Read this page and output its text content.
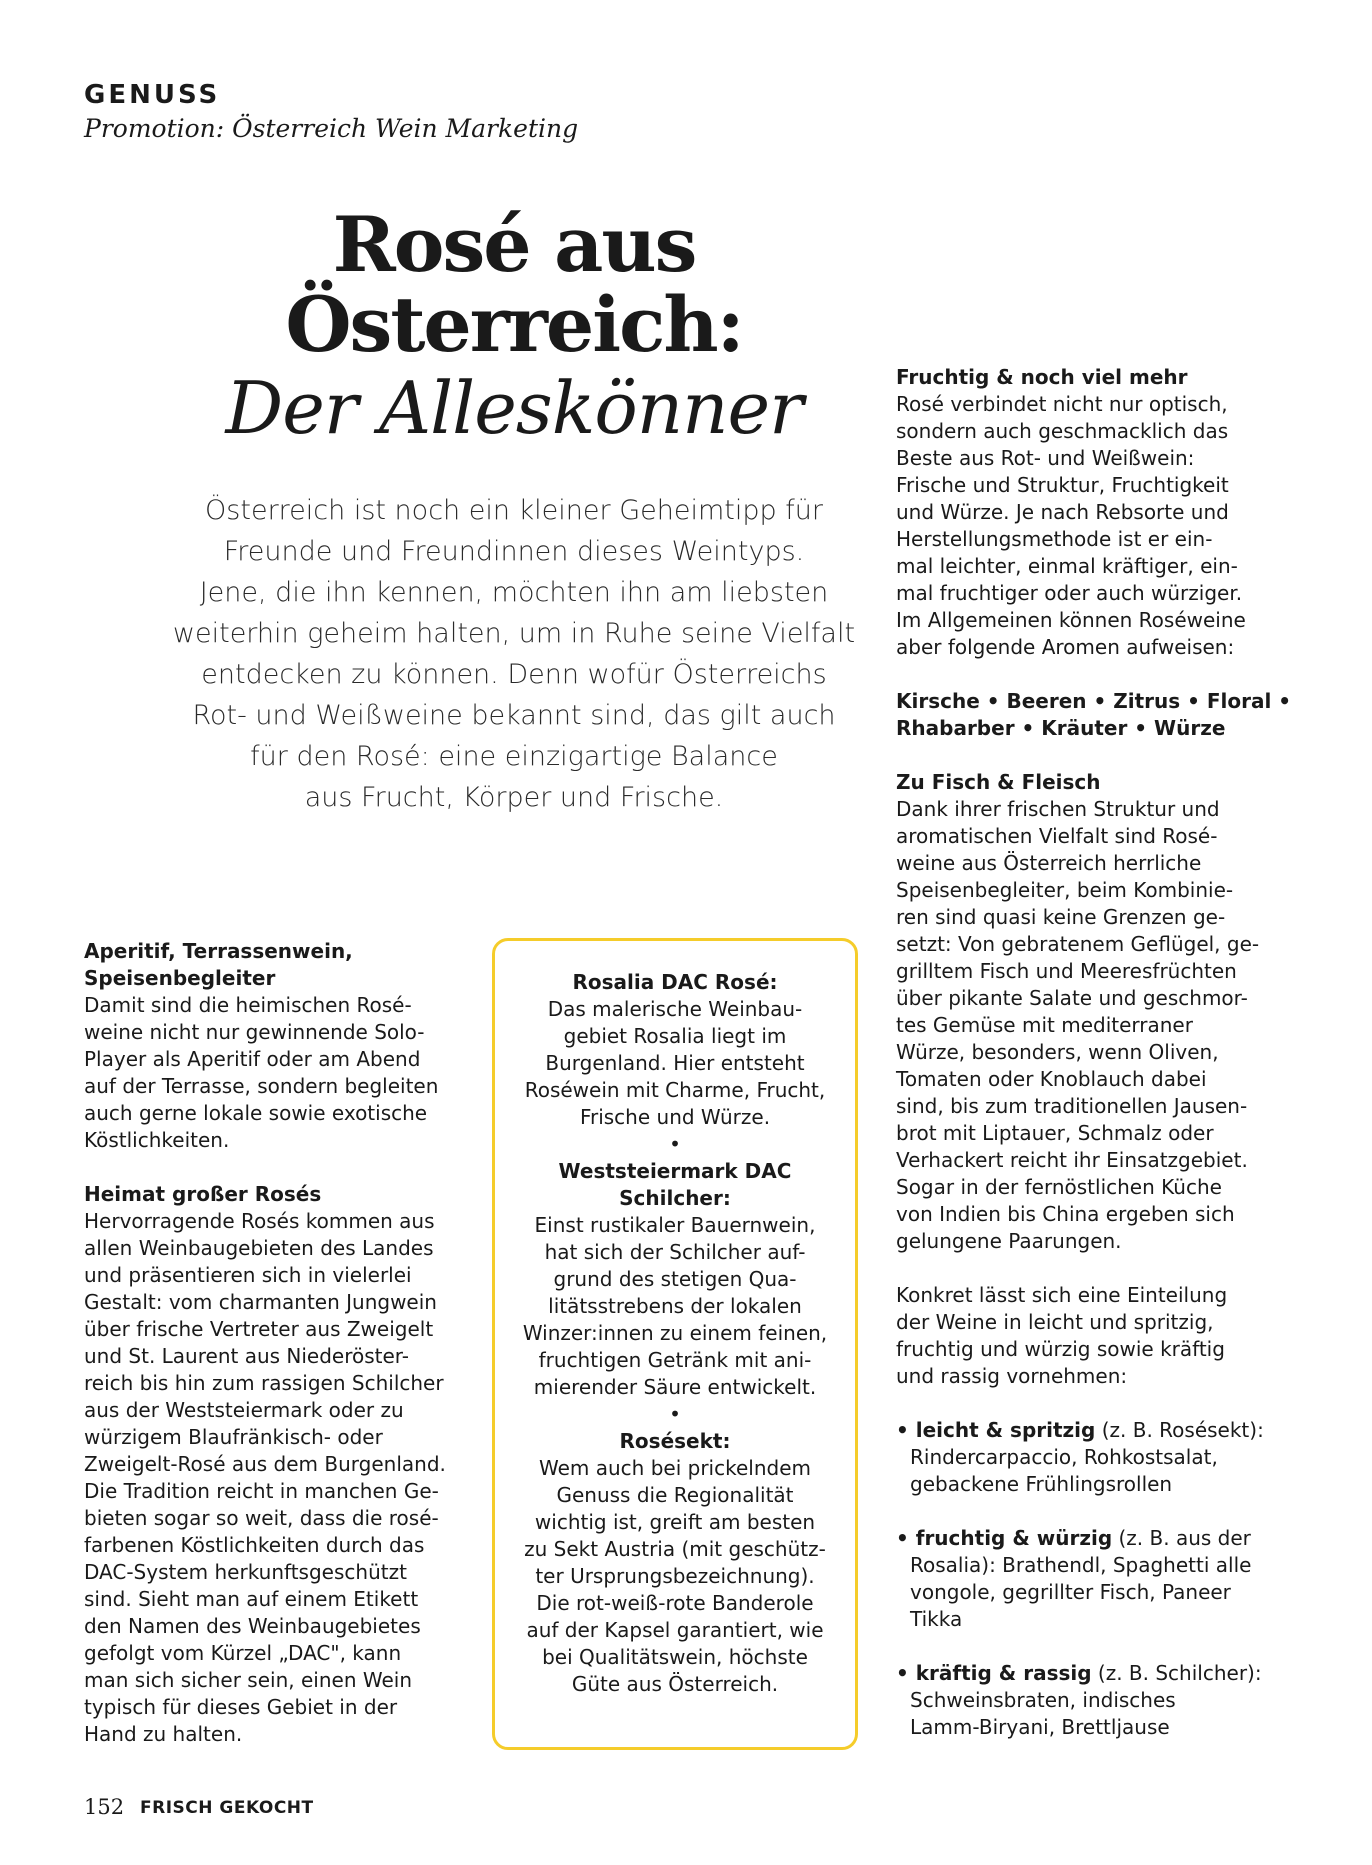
GENUSS
Promotion: Österreich Wein Marketing
Rosé aus
Österreich:
Der Alleskönner
Österreich ist noch ein kleiner Geheimtipp für
Freunde und Freundinnen dieses Weintyps.
Jene, die ihn kennen, möchten ihn am liebsten
weiterhin geheim halten, um in Ruhe seine Vielfalt
entdecken zu können. Denn wofür Österreichs
Rot- und Weißweine bekannt sind, das gilt auch
für den Rosé: eine einzigartige Balance
aus Frucht, Körper und Frische.
Aperitif, Terrassenwein,
Speisenbegleiter
Damit sind die heimischen Rosé-
weine nicht nur gewinnende Solo-
Player als Aperitif oder am Abend
auf der Terrasse, sondern begleiten
auch gerne lokale sowie exotische
Köstlichkeiten.
Heimat großer Rosés
Hervorragende Rosés kommen aus
allen Weinbaugebieten des Landes
und präsentieren sich in vielerlei
Gestalt: vom charmanten Jungwein
über frische Vertreter aus Zweigelt
und St. Laurent aus Niederöster-
reich bis hin zum rassigen Schilcher
aus der Weststeiermark oder zu
würzigem Blaufränkisch- oder
Zweigelt-Rosé aus dem Burgenland.
Die Tradition reicht in manchen Ge-
bieten sogar so weit, dass die rosé-
farbenen Köstlichkeiten durch das
DAC-System herkunftsgeschützt
sind. Sieht man auf einem Etikett
den Namen des Weinbaugebietes
gefolgt vom Kürzel „DAC", kann
man sich sicher sein, einen Wein
typisch für dieses Gebiet in der
Hand zu halten.
Rosalia DAC Rosé:
Das malerische Weinbau-
gebiet Rosalia liegt im
Burgenland. Hier entsteht
Roséwein mit Charme, Frucht,
Frische und Würze.
•
Weststeiermark DAC
Schilcher:
Einst rustikaler Bauernwein,
hat sich der Schilcher auf-
grund des stetigen Qua-
litätsstrebens der lokalen
Winzer:innen zu einem feinen,
fruchtigen Getränk mit ani-
mierender Säure entwickelt.
•
Rosésekt:
Wem auch bei prickelndem
Genuss die Regionalität
wichtig ist, greift am besten
zu Sekt Austria (mit geschütz-
ter Ursprungsbezeichnung).
Die rot-weiß-rote Banderole
auf der Kapsel garantiert, wie
bei Qualitätswein, höchste
Güte aus Österreich.
Fruchtig & noch viel mehr
Rosé verbindet nicht nur optisch,
sondern auch geschmacklich das
Beste aus Rot- und Weißwein:
Frische und Struktur, Fruchtigkeit
und Würze. Je nach Rebsorte und
Herstellungsmethode ist er ein-
mal leichter, einmal kräftiger, ein-
mal fruchtiger oder auch würziger.
Im Allgemeinen können Roséweine
aber folgende Aromen aufweisen:
Kirsche • Beeren • Zitrus • Floral •
Rhabarber • Kräuter • Würze
Zu Fisch & Fleisch
Dank ihrer frischen Struktur und
aromatischen Vielfalt sind Rosé-
weine aus Österreich herrliche
Speisenbegleiter, beim Kombinie-
ren sind quasi keine Grenzen ge-
setzt: Von gebratenem Geflügel, ge-
grilltem Fisch und Meeresfrüchten
über pikante Salate und geschmor-
tes Gemüse mit mediterraner
Würze, besonders, wenn Oliven,
Tomaten oder Knoblauch dabei
sind, bis zum traditionellen Jausen-
brot mit Liptauer, Schmalz oder
Verhackert reicht ihr Einsatzgebiet.
Sogar in der fernöstlichen Küche
von Indien bis China ergeben sich
gelungene Paarungen.
Konkret lässt sich eine Einteilung
der Weine in leicht und spritzig,
fruchtig und würzig sowie kräftig
und rassig vornehmen:
• leicht & spritzig (z. B. Rosésekt):
Rindercarpaccio, Rohkostsalat,
gebackene Frühlingsrollen
• fruchtig & würzig (z. B. aus der
Rosalia): Brathendl, Spaghetti alle
vongole, gegrillter Fisch, Paneer
Tikka
• kräftig & rassig (z. B. Schilcher):
Schweinsbraten, indisches
Lamm-Biryani, Brettljause
152 FRISCH GEKOCHT
